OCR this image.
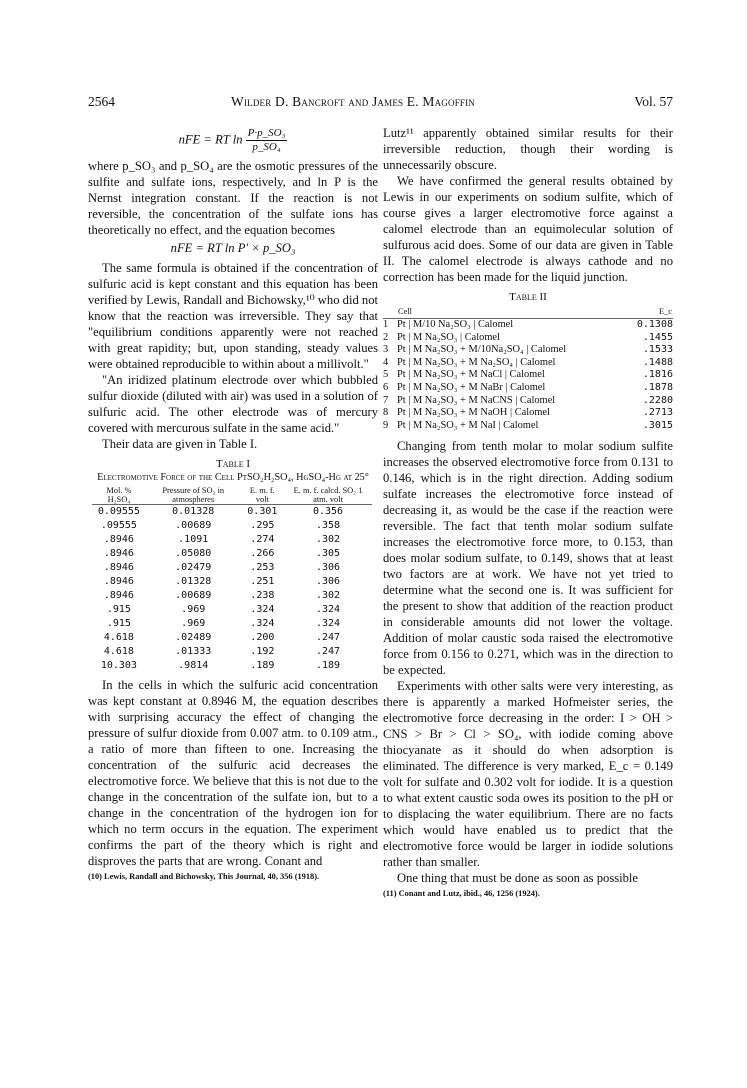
2564	Wilder D. Bancroft and James E. Magoffin	Vol. 57
nFE = RT $\ln \frac{\text{P·p\_SO₃}}{\text{p\_SO₄}}$

where p_SO₃ and p_SO₄ are the osmotic pressures of the sulfite and sulfate ions, respectively, and ln P is the Nernst integration constant. If the reaction is not reversible, the concentration of the sulfate ions has theoretically no effect, and the equation becomes

nFE = RT ln P′ × p_SO₃

The same formula is obtained if the concentration of sulfuric acid is kept constant and this equation has been verified by Lewis, Randall and Bichowsky,¹⁰ who did not know that the reaction was irreversible. They say that "equilibrium conditions apparently were not reached with great rapidity; but, upon standing, steady values were obtained reproducible to within about a millivolt."

"An iridized platinum electrode over which bubbled sulfur dioxide (diluted with air) was used in a solution of sulfuric acid. The other electrode was of mercury covered with mercurous sulfate in the same acid."

Their data are given in Table I.

Table I
Electromotive Force of the Cell PtSO₂H₂SO₄, HgSO₄-Hg at 25°
Mol. % H₂SO₄	Pressure of SO₂ in atmospheres	E. m. f. volt	E. m. f. calcd. SO₂ 1 atm. volt
0.09555	0.01328	0.301	0.356
.09555	.00689	.295	.358
.8946	.1091	.274	.302
.8946	.05080	.266	.305
.8946	.02479	.253	.306
.8946	.01328	.251	.306
.8946	.00689	.238	.302
.915	.969	.324	.324
.915	.969	.324	.324
4.618	.02489	.200	.247
4.618	.01333	.192	.247
10.303	.9814	.189	.189

In the cells in which the sulfuric acid concentration was kept constant at 0.8946 M, the equation describes with surprising accuracy the effect of changing the pressure of sulfur dioxide from 0.007 atm. to 0.109 atm., a ratio of more than fifteen to one. Increasing the concentration of the sulfuric acid decreases the electromotive force. We believe that this is not due to the change in the concentration of the sulfate ion, but to a change in the concentration of the hydrogen ion for which no term occurs in the equation. The experiment confirms the part of the theory which is right and disproves the parts that are wrong. Conant and

(10) Lewis, Randall and Bichowsky, This Journal, 40, 356 (1918).

Lutz¹¹ apparently obtained similar results for their irreversible reduction, though their wording is unnecessarily obscure.

We have confirmed the general results obtained by Lewis in our experiments on sodium sulfite, which of course gives a larger electromotive force against a calomel electrode than an equimolecular solution of sulfurous acid does. Some of our data are given in Table II. The calomel electrode is always cathode and no correction has been made for the liquid junction.

Table II
	Cell	E_c
1	Pt | M/10 Na₂SO₃ | Calomel	0.1308
2	Pt | M Na₂SO₃ | Calomel	.1455
3	Pt | M Na₂SO₃ + M/10Na₂SO₄ | Calomel	.1533
4	Pt | M Na₂SO₃ + M Na₂SO₄ | Calomel	.1488
5	Pt | M Na₂SO₃ + M NaCl | Calomel	.1816
6	Pt | M Na₂SO₃ + M NaBr | Calomel	.1878
7	Pt | M Na₂SO₃ + M NaCNS | Calomel	.2280
8	Pt | M Na₂SO₃ + M NaOH | Calomel	.2713
9	Pt | M Na₂SO₃ + M NaI | Calomel	.3015

Changing from tenth molar to molar sodium sulfite increases the observed electromotive force from 0.131 to 0.146, which is in the right direction. Adding sodium sulfate increases the electromotive force instead of decreasing it, as would be the case if the reaction were reversible. The fact that tenth molar sodium sulfate increases the electromotive force more, to 0.153, than does molar sodium sulfate, to 0.149, shows that at least two factors are at work. We have not yet tried to determine what the second one is. It was sufficient for the present to show that addition of the reaction product in considerable amounts did not lower the voltage. Addition of molar caustic soda raised the electromotive force from 0.156 to 0.271, which was in the direction to be expected.

Experiments with other salts were very interesting, as there is apparently a marked Hofmeister series, the electromotive force decreasing in the order: I > OH > CNS > Br > Cl > SO₄, with iodide coming above thiocyanate as it should do when adsorption is eliminated. The difference is very marked, E_c = 0.149 volt for sulfate and 0.302 volt for iodide. It is a question to what extent caustic soda owes its position to the pH or to displacing the water equilibrium. There are no facts which would have enabled us to predict that the electromotive force would be larger in iodide solutions rather than smaller.

One thing that must be done as soon as possible

(11) Conant and Lutz, ibid., 46, 1256 (1924).
